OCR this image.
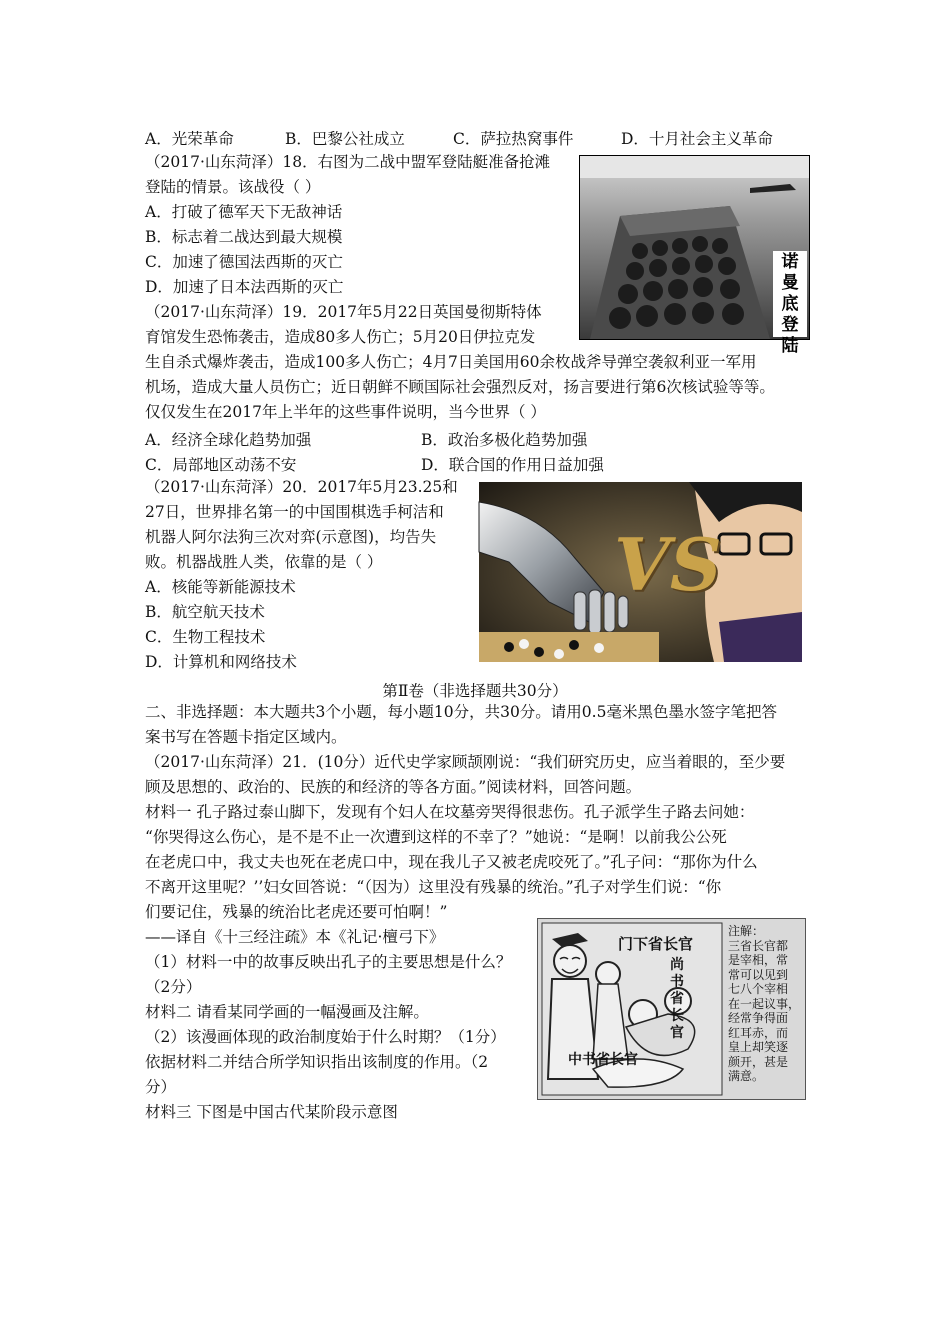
A．光荣革命	B．巴黎公社成立	C．萨拉热窝事件	D．十月社会主义革命
（2017·山东菏泽）18．右图为二战中盟军登陆艇准备抢滩
登陆的情景。该战役（ ）
A．打破了德军天下无敌神话
B．标志着二战达到最大规模
C．加速了德国法西斯的灭亡
D．加速了日本法西斯的灭亡
诺曼底登陆
（2017·山东菏泽）19．2017年5月22日英国曼彻斯特体
育馆发生恐怖袭击，造成80多人伤亡；5月20日伊拉克发
生自杀式爆炸袭击，造成100多人伤亡；4月7日美国用60余枚战斧导弹空袭叙利亚一军用
机场，造成大量人员伤亡；近日朝鲜不顾国际社会强烈反对，扬言要进行第6次核试验等等。
仅仅发生在2017年上半年的这些事件说明，当今世界（ ）
A．经济全球化趋势加强	B．政治多极化趋势加强
C．局部地区动荡不安	D．联合国的作用日益加强
（2017·山东菏泽）20．2017年5月23.25和
27日，世界排名第一的中国围棋选手柯洁和
机器人阿尔法狗三次对弈(示意图)，均告失
败。机器战胜人类，依靠的是（ ）
A．核能等新能源技术
B．航空航天技术
C．生物工程技术
D．计算机和网络技术
VS
第Ⅱ卷（非选择题共30分）
二、非选择题：本大题共3个小题，每小题10分，共30分。请用0.5毫米黑色墨水签字笔把答
案书写在答题卡指定区域内。
（2017·山东菏泽）21．(10分）近代史学家顾颉刚说：“我们研究历史，应当着眼的，至少要
顾及思想的、政治的、民族的和经济的等各方面。”阅读材料，回答问题。
材料一 孔子路过泰山脚下，发现有个妇人在坟墓旁哭得很悲伤。孔子派学生子路去问她：
“你哭得这么伤心，是不是不止一次遭到这样的不幸了？”她说：“是啊！以前我公公死
在老虎口中，我丈夫也死在老虎口中，现在我儿子又被老虎咬死了。”孔子问：“那你为什么
不离开这里呢？’’妇女回答说：“（因为）这里没有残暴的统治。”孔子对学生们说：“你
们要记住，残暴的统治比老虎还要可怕啊！”
——译自《十三经注疏》本《礼记·檀弓下》
（1）材料一中的故事反映出孔子的主要思想是什么？
（2分）
材料二 请看某同学画的一幅漫画及注解。
（2）该漫画体现的政治制度始于什么时期？（1分）
依据材料二并结合所学知识指出该制度的作用。（2
分）
材料三 下图是中国古代某阶段示意图
门下省长官
尚书省长官
中书省长官
注解：
三省长官都
是宰相，常
常可以见到
七八个宰相
在一起议事，
经常争得面
红耳赤，而
皇上却笑逐
颜开，甚是
满意。
